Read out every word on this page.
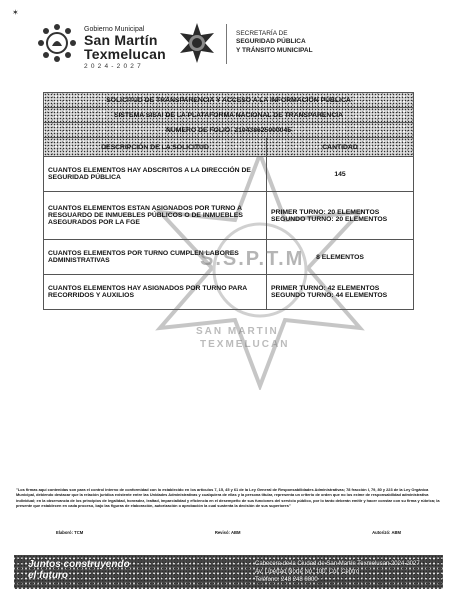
✶
Gobierno Municipal
San Martín
Texmelucan
2024-2027
SECRETARÍA DE
SEGURIDAD PÚBLICA
Y TRÁNSITO MUNICIPAL
SOLICITUD DE TRANSPARENCIA Y ACCESO A LA INFORMACIÓN PÚBLICA	
SISTEMA SISAI DE LA PLATAFORMA NACIONAL DE TRANSPARENCIA	
NUMERO DE FOLIO: 210438625000045	
DESCRIPCIÓN DE LA SOLICITUD	CANTIDAD
CUANTOS ELEMENTOS HAY ADSCRITOS A LA DIRECCIÓN DE SEGURIDAD PÚBLICA	145
CUANTOS ELEMENTOS ESTAN ASIGNADOS POR TURNO A RESGUARDO DE INMUEBLES PÚBLICOS O DE INMUEBLES ASEGURADOS POR LA FGE	PRIMER TURNO: 20 ELEMENTOS
SEGUNDO TURNO: 20 ELEMENTOS

CUANTOS ELEMENTOS POR TURNO CUMPLEN LABORES ADMINISTRATIVAS	8 ELEMENTOS
CUANTOS ELEMENTOS HAY ASIGNADOS POR TURNO PARA RECORRIDOS Y AUXILIOS	PRIMER TURNO: 42 ELEMENTOS
SEGUNDO TURNO: 44 ELEMENTOS
S.S.P.T.M
SAN MARTIN
TEXMELUCAN
"Los firmas aquí contenidas son para el control interno de conformidad con lo establecido en los artículos 7, 15, 45 y 61 de la Ley General de Responsabilidades Administrativas; 78 fracción I, 79, 80 y 223 de la Ley Orgánica Municipal, debiendo destacar que la relación jurídica existente entre las Unidades Administrativas y cualquiera de ellas y la persona titular, representa un criterio de orden que no los exime de responsabilidad administrativa individual; en la observancia de los principios de legalidad, honradez, lealtad, imparcialidad y eficiencia en el desempeño de sus funciones del servicio público, por lo tanto deberán emitir y hacer constar con su firma y rúbrica; la presente que establecen en cada proceso, bajo las figuras de elaboración, autorización o aprobación la cual sustenta la decisión de sus superiores"
Elaboró: TCM	Revisó: ABM	Autorizó: ABM
Juntos construyendo
el futuro
Cabecera de la Ciudad de San Martín Texmelucan 2024-2027
Av. Libertad Norte No. 100, Col. Centro
Teléfono: 248 248 0000
